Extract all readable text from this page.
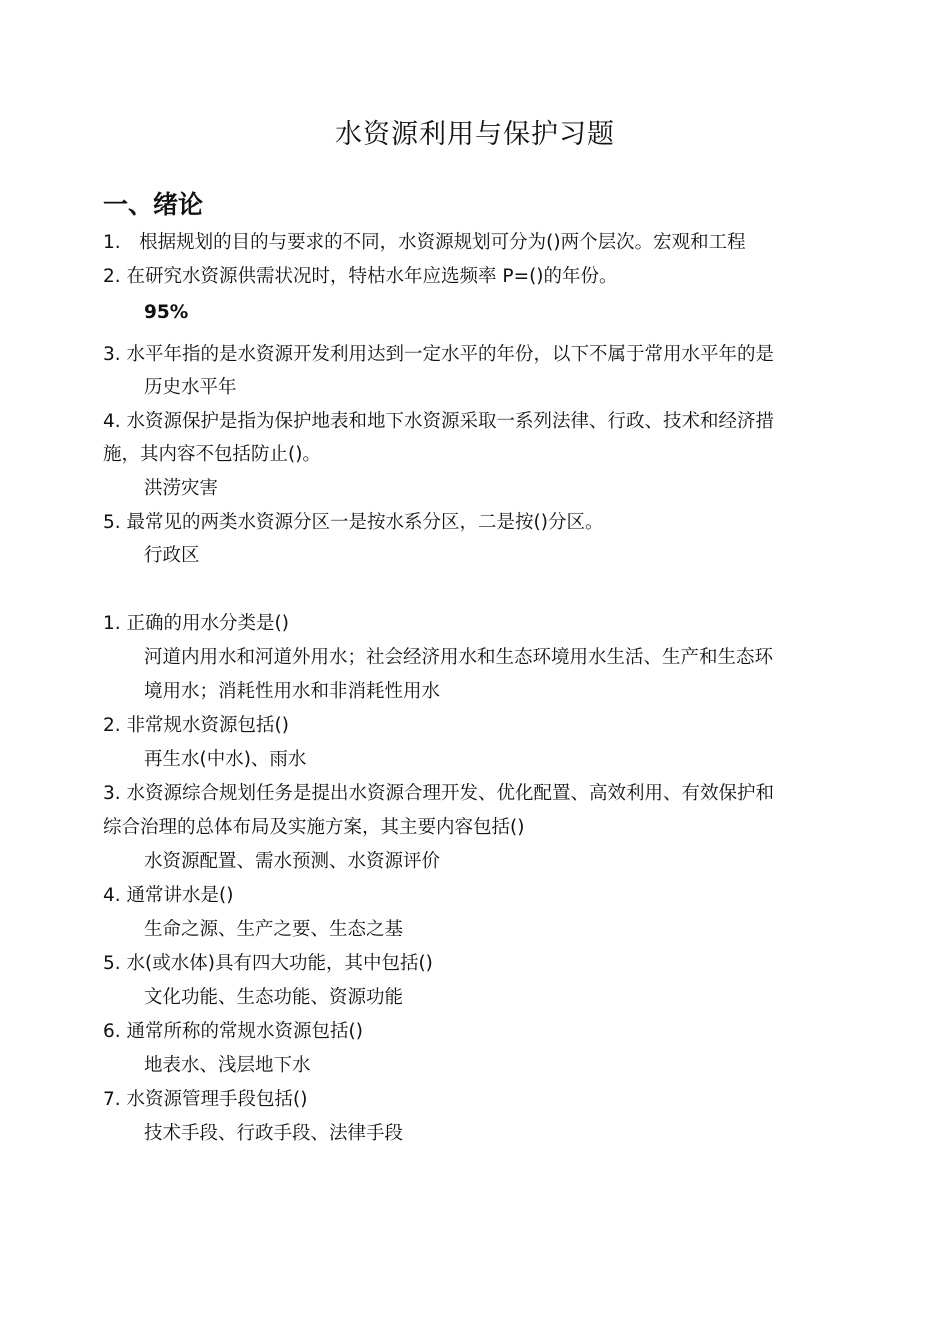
水资源利用与保护习题
一、绪论
1.　根据规划的目的与要求的不同，水资源规划可分为()两个层次。宏观和工程
2. 在研究水资源供需状况时，特枯水年应选频率 P=()的年份。
95%
3. 水平年指的是水资源开发利用达到一定水平的年份，以下不属于常用水平年的是
历史水平年
4. 水资源保护是指为保护地表和地下水资源采取一系列法律、行政、技术和经济措
施，其内容不包括防止()。
洪涝灾害
5. 最常见的两类水资源分区一是按水系分区，二是按()分区。
行政区
1. 正确的用水分类是()
河道内用水和河道外用水；社会经济用水和生态环境用水生活、生产和生态环
境用水；消耗性用水和非消耗性用水
2. 非常规水资源包括()
再生水(中水)、雨水
3. 水资源综合规划任务是提出水资源合理开发、优化配置、高效利用、有效保护和
综合治理的总体布局及实施方案，其主要内容包括()
水资源配置、需水预测、水资源评价
4. 通常讲水是()
生命之源、生产之要、生态之基
5. 水(或水体)具有四大功能，其中包括()
文化功能、生态功能、资源功能
6. 通常所称的常规水资源包括()
地表水、浅层地下水
7. 水资源管理手段包括()
技术手段、行政手段、法律手段
